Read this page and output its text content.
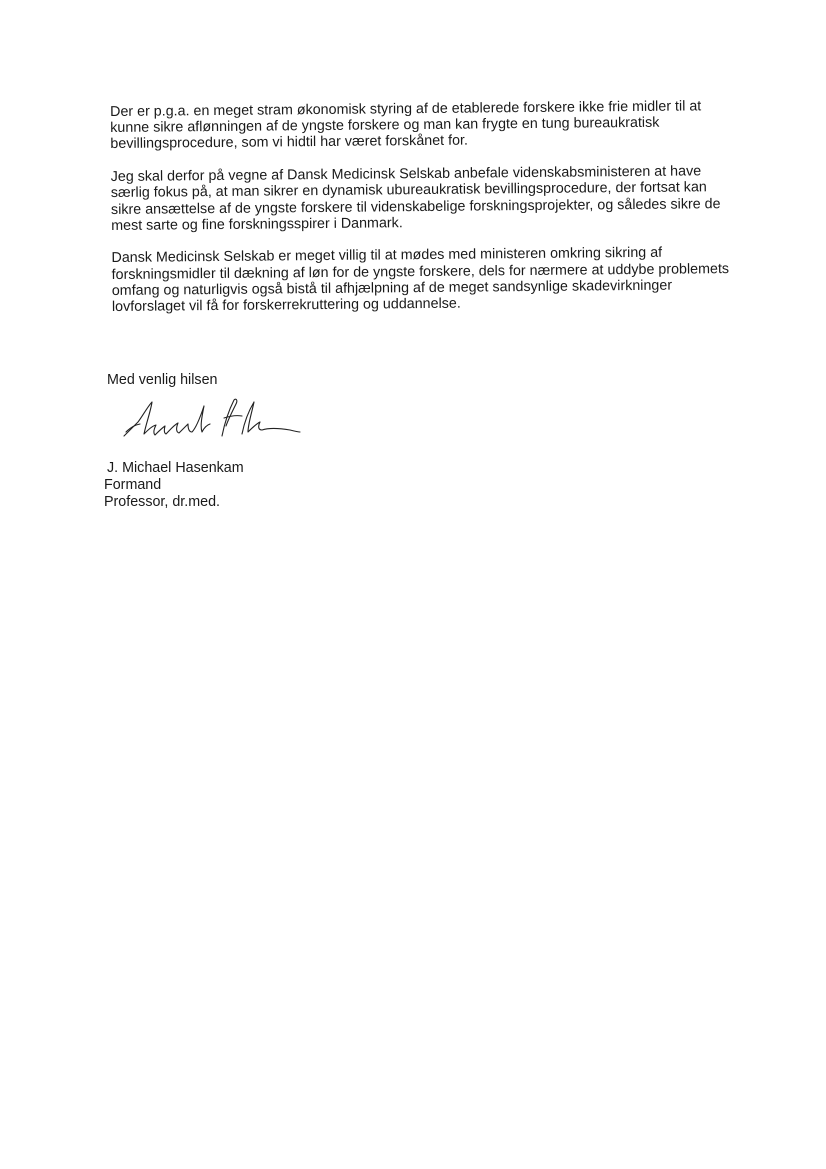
Der er p.g.a. en meget stram økonomisk styring af de etablerede forskere ikke frie midler til at
kunne sikre aflønningen af de yngste forskere og man kan frygte en tung bureaukratisk
bevillingsprocedure, som vi hidtil har været forskånet for.

Jeg skal derfor på vegne af Dansk Medicinsk Selskab anbefale videnskabsministeren at have
særlig fokus på, at man sikrer en dynamisk ubureaukratisk bevillingsprocedure, der fortsat kan
sikre ansættelse af de yngste forskere til videnskabelige forskningsprojekter, og således sikre de
mest sarte og fine forskningsspirer i Danmark.

Dansk Medicinsk Selskab er meget villig til at mødes med ministeren omkring sikring af
forskningsmidler til dækning af løn for de yngste forskere, dels for nærmere at uddybe problemets
omfang og naturligvis også bistå til afhjælpning af de meget sandsynlige skadevirkninger
lovforslaget vil få for forskerrekruttering og uddannelse.

Med venlig hilsen
J. Michael Hasenkam
Formand
Professor, dr.med.
